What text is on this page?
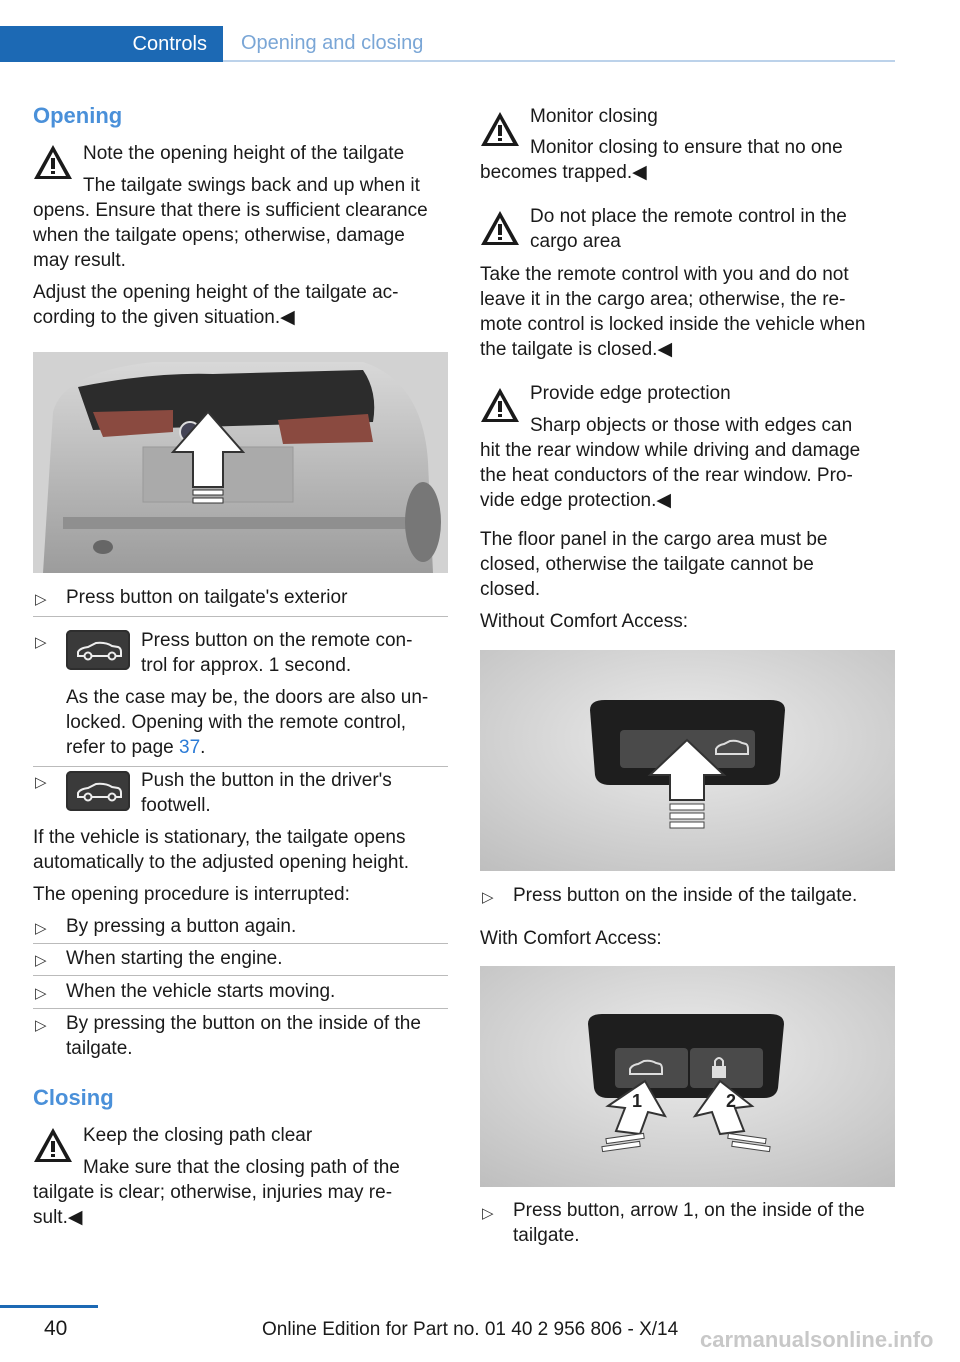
Controls	Opening and closing
Opening
Note the opening height of the tailgate
The tailgate swings back and up when it
opens. Ensure that there is sufficient clearance
when the tailgate opens; otherwise, damage
may result.
Adjust the opening height of the tailgate ac-
cording to the given situation.◀
▷ Press button on tailgate's exterior
▷	Press button on the remote con-
trol for approx. 1 second.
As the case may be, the doors are also un-
locked. Opening with the remote control,
refer to page 37.
▷	Push the button in the driver's
footwell.
If the vehicle is stationary, the tailgate opens
automatically to the adjusted opening height.
The opening procedure is interrupted:
▷ By pressing a button again.
▷ When starting the engine.
▷ When the vehicle starts moving.
▷ By pressing the button on the inside of the
tailgate.
Closing
Keep the closing path clear
Make sure that the closing path of the
tailgate is clear; otherwise, injuries may re-
sult.◀
Monitor closing
Monitor closing to ensure that no one
becomes trapped.◀
Do not place the remote control in the
cargo area
Take the remote control with you and do not
leave it in the cargo area; otherwise, the re-
mote control is locked inside the vehicle when
the tailgate is closed.◀
Provide edge protection
Sharp objects or those with edges can
hit the rear window while driving and damage
the heat conductors of the rear window. Pro-
vide edge protection.◀
The floor panel in the cargo area must be
closed, otherwise the tailgate cannot be
closed.
Without Comfort Access:
▷ Press button on the inside of the tailgate.
With Comfort Access:
1	2
▷ Press button, arrow 1, on the inside of the
tailgate.
40	Online Edition for Part no. 01 40 2 956 806 - X/14 carmanualsonline.info
